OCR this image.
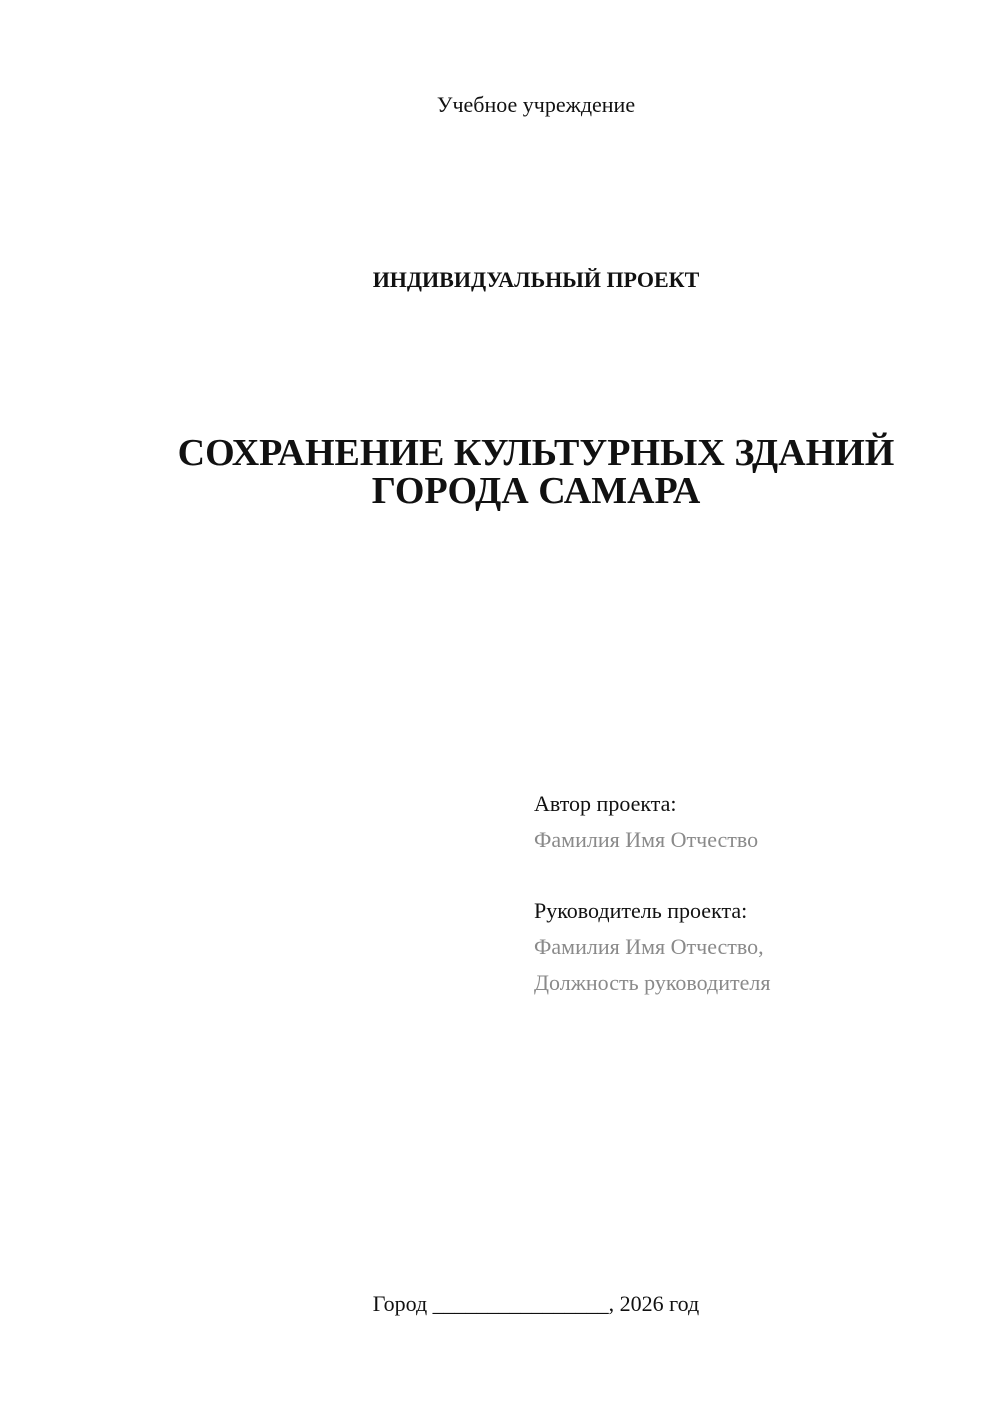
Учебное учреждение
ИНДИВИДУАЛЬНЫЙ ПРОЕКТ
СОХРАНЕНИЕ КУЛЬТУРНЫХ ЗДАНИЙ
ГОРОДА САМАРА
Автор проекта:
Фамилия Имя Отчество
Руководитель проекта:
Фамилия Имя Отчество,
Должность руководителя
Город ________________, 2026 год
